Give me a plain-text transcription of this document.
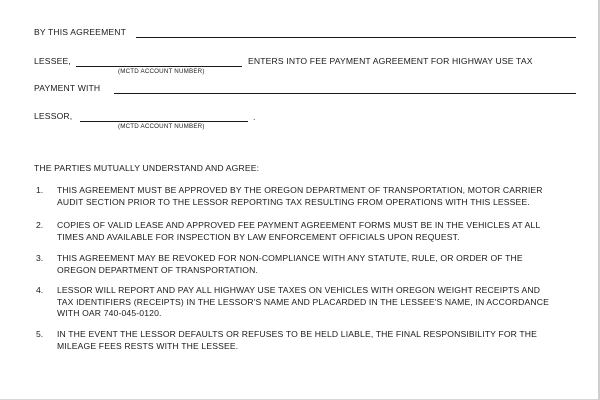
BY THIS AGREEMENT
LESSEE,
(MCTD ACCOUNT NUMBER)
ENTERS INTO FEE PAYMENT AGREEMENT FOR HIGHWAY USE TAX
PAYMENT WITH
LESSOR,	.
(MCTD ACCOUNT NUMBER)
THE PARTIES MUTUALLY UNDERSTAND AND AGREE:
1. THIS AGREEMENT MUST BE APPROVED BY THE OREGON DEPARTMENT OF TRANSPORTATION, MOTOR CARRIER AUDIT SECTION PRIOR TO THE LESSOR REPORTING TAX RESULTING FROM OPERATIONS WITH THIS LESSEE.
2. COPIES OF VALID LEASE AND APPROVED FEE PAYMENT AGREEMENT FORMS MUST BE IN THE VEHICLES AT ALL TIMES AND AVAILABLE FOR INSPECTION BY LAW ENFORCEMENT OFFICIALS UPON REQUEST.
3. THIS AGREEMENT MAY BE REVOKED FOR NON-COMPLIANCE WITH ANY STATUTE, RULE, OR ORDER OF THE OREGON DEPARTMENT OF TRANSPORTATION.
4. LESSOR WILL REPORT AND PAY ALL HIGHWAY USE TAXES ON VEHICLES WITH OREGON WEIGHT RECEIPTS AND TAX IDENTIFIERS (RECEIPTS) IN THE LESSOR'S NAME AND PLACARDED IN THE LESSEE'S NAME, IN ACCORDANCE WITH OAR 740-045-0120.
5. IN THE EVENT THE LESSOR DEFAULTS OR REFUSES TO BE HELD LIABLE, THE FINAL RESPONSIBILITY FOR THE MILEAGE FEES RESTS WITH THE LESSEE.
